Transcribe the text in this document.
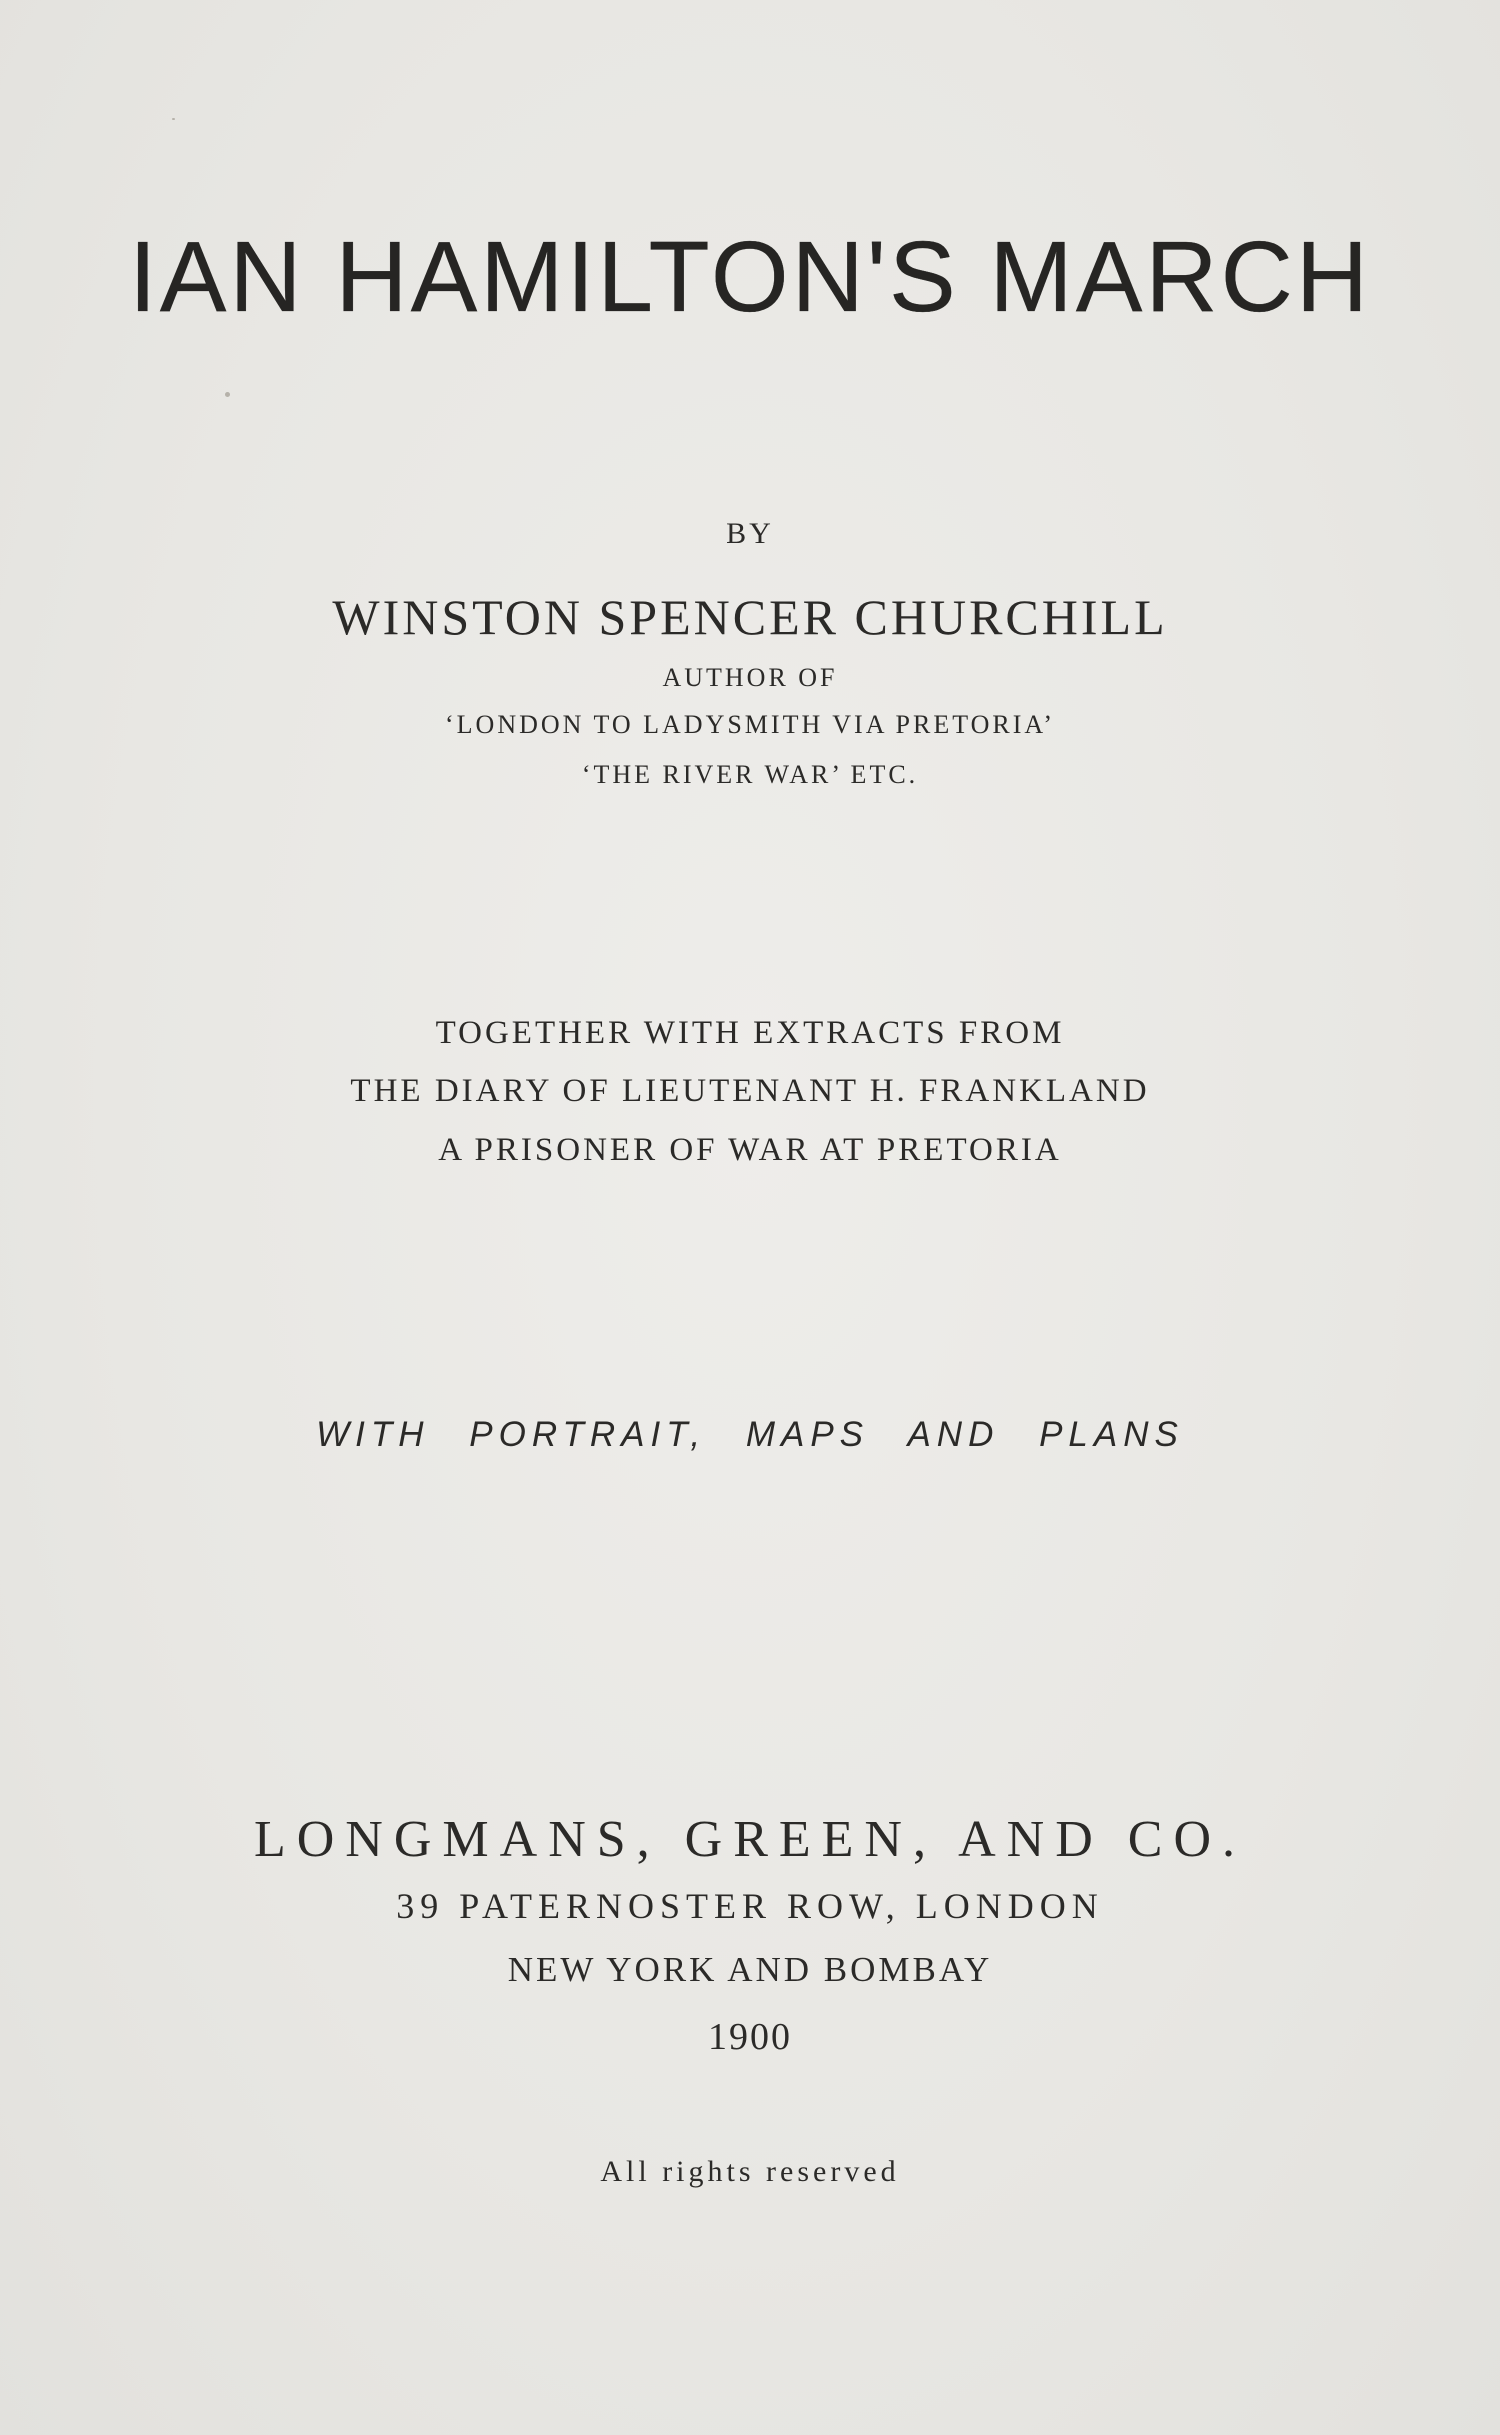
IAN HAMILTON'S MARCH
BY
WINSTON SPENCER CHURCHILL
AUTHOR OF
‘LONDON TO LADYSMITH VIA PRETORIA’
‘THE RIVER WAR’ ETC.
TOGETHER WITH EXTRACTS FROM
THE DIARY OF LIEUTENANT H. FRANKLAND
A PRISONER OF WAR AT PRETORIA
WITH PORTRAIT, MAPS AND PLANS
LONGMANS, GREEN, AND CO.
39 PATERNOSTER ROW, LONDON
NEW YORK AND BOMBAY
1900
All rights reserved
